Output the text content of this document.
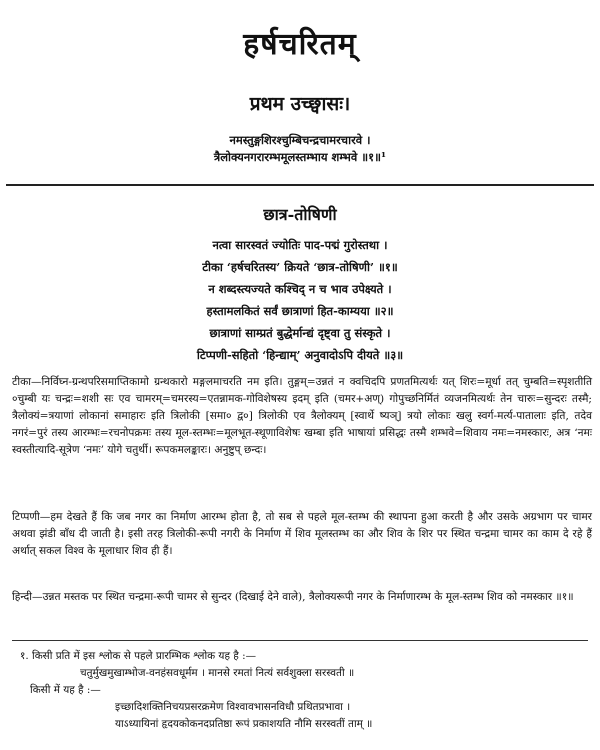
हर्षचरितम्
प्रथम उच्छ्वासः।
नमस्तुङ्गशिरश्चुम्बिचन्द्रचामरचारवे ।
त्रैलोक्यनगरारम्भमूलस्तम्भाय शम्भवे ॥१॥¹
छात्र-तोषिणी
नत्वा सारस्वतं ज्योतिः पाद-पद्मं गुरोस्तथा ।
टीका ‘हर्षचरितस्य’ क्रियते ‘छात्र-तोषिणी’ ॥१॥
न शब्दस्त्यज्यते कश्चिद् न च भाव उपेक्ष्यते ।
हस्तामलकितं सर्वं छात्राणां हित-काम्यया ॥२॥
छात्राणां साम्प्रतं बुद्धेर्मान्द्यं दृष्ट्वा तु संस्कृते ।
टिप्पणी-सहितो ‘हिन्द्याम्’ अनुवादोऽपि दीयते ॥३॥
टीका—निर्विघ्न-ग्रन्थपरिसमाप्तिकामो ग्रन्थकारो मङ्गलमाचरति नम इति। तुङ्गम्=उन्नतं न क्वचिदपि प्रणतमित्यर्थः यत् शिरः=मूर्धा तत् चुम्बति=स्पृशतीति ०चुम्बी यः चन्द्रः=शशी सः एव चामरम्=चमरस्य=एतन्नामक-गोविशेषस्य इदम् इति (चमर+अण्) गोपुच्छनिर्मितं व्यजनमित्यर्थः तेन चारुः=सुन्दरः तस्मै; त्रैलोक्यं=त्रयाणां लोकानां समाहारः इति त्रिलोकी [समा० द्व०] त्रिलोकी एव त्रैलोक्यम् [स्वार्थे ष्यञ्] त्रयो लोकाः खलु स्वर्ग-मर्त्य-पातालाः इति, तदेव नगरं=पुरं तस्य आरम्भः=रचनोपक्रमः तस्य मूल-स्तम्भः=मूलभूत-स्थूणाविशेषः खम्बा इति भाषायां प्रसिद्धः तस्मै शम्भवे=शिवाय नमः=नमस्कारः, अत्र ‘नमः स्वस्तीत्यादि-सूत्रेण ‘नमः’ योगे चतुर्थी। रूपकमलङ्कारः। अनुष्टुप् छन्दः।
टिप्पणी—हम देखते हैं कि जब नगर का निर्माण आरम्भ होता है, तो सब से पहले मूल-स्तम्भ की स्थापना हुआ करती है और उसके अग्रभाग पर चामर अथवा झंडी बाँध दी जाती है। इसी तरह त्रिलोकी-रूपी नगरी के निर्माण में शिव मूलस्तम्भ का और शिव के शिर पर स्थित चन्द्रमा चामर का काम दे रहे हैं अर्थात् सकल विश्व के मूलाधार शिव ही हैं।
हिन्दी—उन्नत मस्तक पर स्थित चन्द्रमा-रूपी चामर से सुन्दर (दिखाई देने वाले), त्रैलोक्यरूपी नगर के निर्माणारम्भ के मूल-स्तम्भ शिव को नमस्कार ॥१॥
१. किसी प्रति में इस श्लोक से पहले प्रारम्भिक श्लोक यह है :—
चतुर्मुखमुखाम्भोज-वनहंसवधूर्मम । मानसे रमतां नित्यं सर्वशुक्ला सरस्वती ॥
किसी में यह है :—
इच्छादिशक्तिनिचयप्रसरक्रमेण विश्वावभासनविधौ प्रथितप्रभावा ।
याऽध्यायिनां हृदयकोकनदप्रतिष्ठा रूपं प्रकाशयति नौमि सरस्वतीं ताम् ॥
